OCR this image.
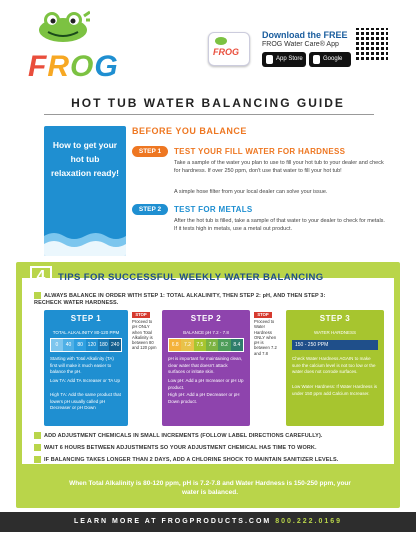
FROG	FROG
Download the FREE
FROG Water Care® App
App Store	Google Play
HOT TUB WATER BALANCING GUIDE
How to get your hot tub relaxation ready!
BEFORE YOU BALANCE
STEP 1	TEST YOUR FILL WATER FOR HARDNESS
Take a sample of the water you plan to use to fill your hot tub to your dealer and check for hardness. If over 250 ppm, don't use that water to fill your hot tub!
A simple hose filter from your local dealer can solve your issue.
STEP 2	TEST FOR METALS
After the hot tub is filled, take a sample of that water to your dealer to check for metals. If it tests high in metals, use a metal out product.
4	TIPS FOR SUCCESSFUL WEEKLY WATER BALANCING
ALWAYS BALANCE IN ORDER WITH STEP 1: TOTAL ALKALINITY, THEN STEP 2: pH, AND THEN STEP 3: RECHECK WATER HARDNESS.
STEP 1
TOTAL ALKALINITY 80-120 PPM
0	40	80 120 180 240
Starting with Total Alkalinity (TA) first will make it much easier to balance the pH.
Low TA: Add TA Increaser or TA Up
High TA: Add the same product that lowers pH usually called pH Decreaser or pH Down
STOP
Proceed to pH ONLY when Total Alkalinity is between 80 and 120 ppm
STEP 2
BALANCE pH 7.2 - 7.8
6.8	7.2	7.5	7.8	8.2	8.4
pH is important for maintaining clean, clear water that doesn't attack surfaces or irritate skin.
Low pH: Add a pH Increaser or pH Up product.
High pH: Add a pH Decreaser or pH Down product.
STOP
Proceed to Water Hardness ONLY when pH is between 7.2 and 7.8
STEP 3
WATER HARDNESS
150 - 250 PPM
Check Water Hardness AGAIN to make sure the calcium level is not too low or the water does not corrode surfaces.
Low Water Hardness: If Water Hardness is under 150 ppm add Calcium Increaser.
ADD ADJUSTMENT CHEMICALS IN SMALL INCREMENTS (FOLLOW LABEL DIRECTIONS CAREFULLY).
WAIT 6 HOURS BETWEEN ADJUSTMENTS SO YOUR ADJUSTMENT CHEMICAL HAS TIME TO WORK.
IF BALANCING TAKES LONGER THAN 2 DAYS, ADD A CHLORINE SHOCK TO MAINTAIN SANITIZER LEVELS.
When Total Alkalinity is 80-120 ppm, pH is 7.2-7.8 and Water Hardness is 150-250 ppm, your water is balanced.
LEARN MORE AT FROGPRODUCTS.COM 800.222.0169
